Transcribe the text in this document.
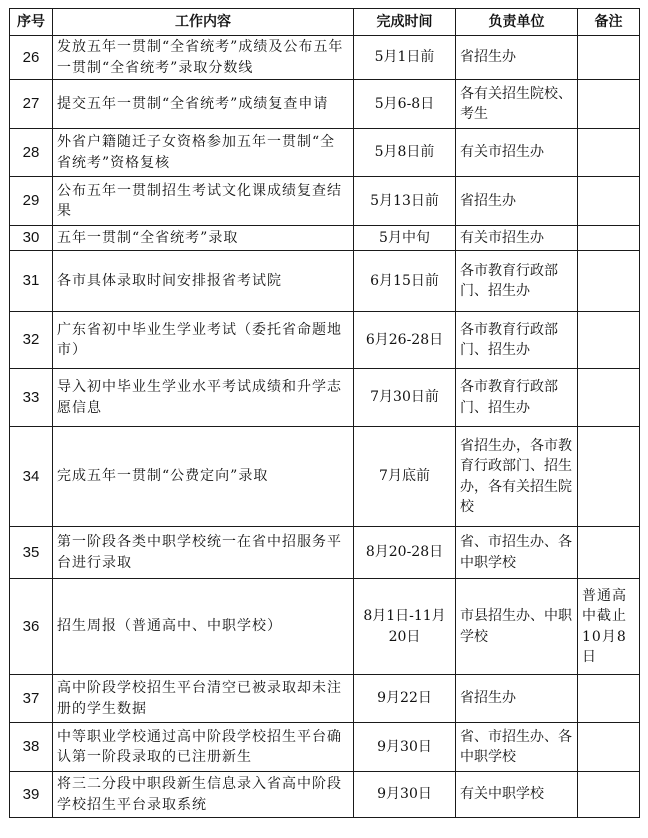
序号	工作内容	完成时间	负责单位	备注
26	发放五年一贯制“全省统考”成绩及公布五年一贯制“全省统考”录取分数线	5月1日前	省招生办	
27	提交五年一贯制“全省统考”成绩复查申请	5月6-8日	各有关招生院校、考生	
28	外省户籍随迁子女资格参加五年一贯制“全省统考”资格复核	5月8日前	有关市招生办	
29	公布五年一贯制招生考试文化课成绩复查结果	5月13日前	省招生办	
30	五年一贯制“全省统考”录取	5月中旬	有关市招生办	
31	各市具体录取时间安排报省考试院	6月15日前	各市教育行政部门、招生办	
32	广东省初中毕业生学业考试（委托省命题地市）	6月26-28日	各市教育行政部门、招生办	
33	导入初中毕业生学业水平考试成绩和升学志愿信息	7月30日前	各市教育行政部门、招生办	
34	完成五年一贯制“公费定向”录取	7月底前	省招生办，各市教育行政部门、招生办，各有关招生院校	
35	第一阶段各类中职学校统一在省中招服务平台进行录取	8月20-28日	省、市招生办、各中职学校	
36	招生周报（普通高中、中职学校）	8月1日-11月20日	市县招生办、中职学校	普通高中截止10月8日
37	高中阶段学校招生平台清空已被录取却未注册的学生数据	9月22日	省招生办	
38	中等职业学校通过高中阶段学校招生平台确认第一阶段录取的已注册新生	9月30日	省、市招生办、各中职学校	
39	将三二分段中职段新生信息录入省高中阶段学校招生平台录取系统	9月30日	有关中职学校	
